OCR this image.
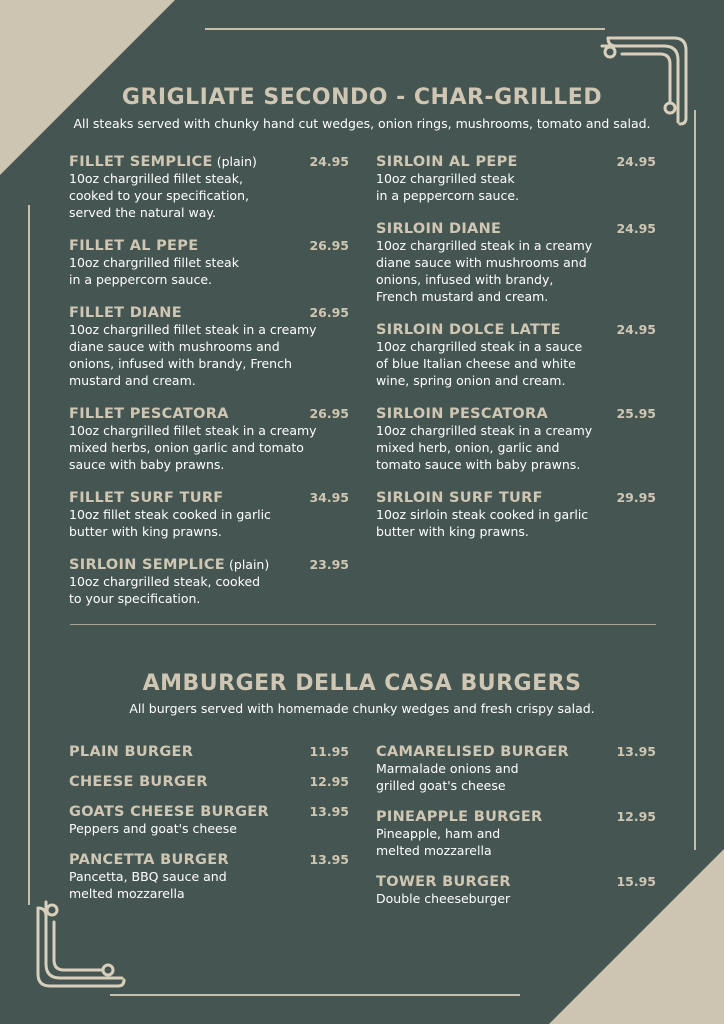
GRIGLIATE SECONDO - CHAR-GRILLED

All steaks served with chunky hand cut wedges, onion rings, mushrooms, tomato and salad.

FILLET SEMPLICE (plain)	24.95
10oz chargrilled fillet steak,
cooked to your specification,
served the natural way.
FILLET AL PEPE	26.95
10oz chargrilled fillet steak
in a peppercorn sauce.
FILLET DIANE	26.95
10oz chargrilled fillet steak in a creamy
diane sauce with mushrooms and
onions, infused with brandy, French
mustard and cream.
FILLET PESCATORA	26.95
10oz chargrilled fillet steak in a creamy
mixed herbs, onion garlic and tomato
sauce with baby prawns.
FILLET SURF TURF	34.95
10oz fillet steak cooked in garlic
butter with king prawns.
SIRLOIN SEMPLICE (plain)	23.95
10oz chargrilled steak, cooked
to your specification.
SIRLOIN AL PEPE	24.95
10oz chargrilled steak
in a peppercorn sauce.
SIRLOIN DIANE	24.95
10oz chargrilled steak in a creamy
diane sauce with mushrooms and
onions, infused with brandy,
French mustard and cream.
SIRLOIN DOLCE LATTE	24.95
10oz chargrilled steak in a sauce
of blue Italian cheese and white
wine, spring onion and cream.
SIRLOIN PESCATORA	25.95
10oz chargrilled steak in a creamy
mixed herb, onion, garlic and
tomato sauce with baby prawns.
SIRLOIN SURF TURF	29.95
10oz sirloin steak cooked in garlic
butter with king prawns.
AMBURGER DELLA CASA BURGERS

All burgers served with homemade chunky wedges and fresh crispy salad.

PLAIN BURGER	11.95
CHEESE BURGER	12.95
GOATS CHEESE BURGER	13.95
Peppers and goat's cheese
PANCETTA BURGER	13.95
Pancetta, BBQ sauce and
melted mozzarella
CAMARELISED BURGER	13.95
Marmalade onions and
grilled goat's cheese
PINEAPPLE BURGER	12.95
Pineapple, ham and
melted mozzarella
TOWER BURGER	15.95
Double cheeseburger
